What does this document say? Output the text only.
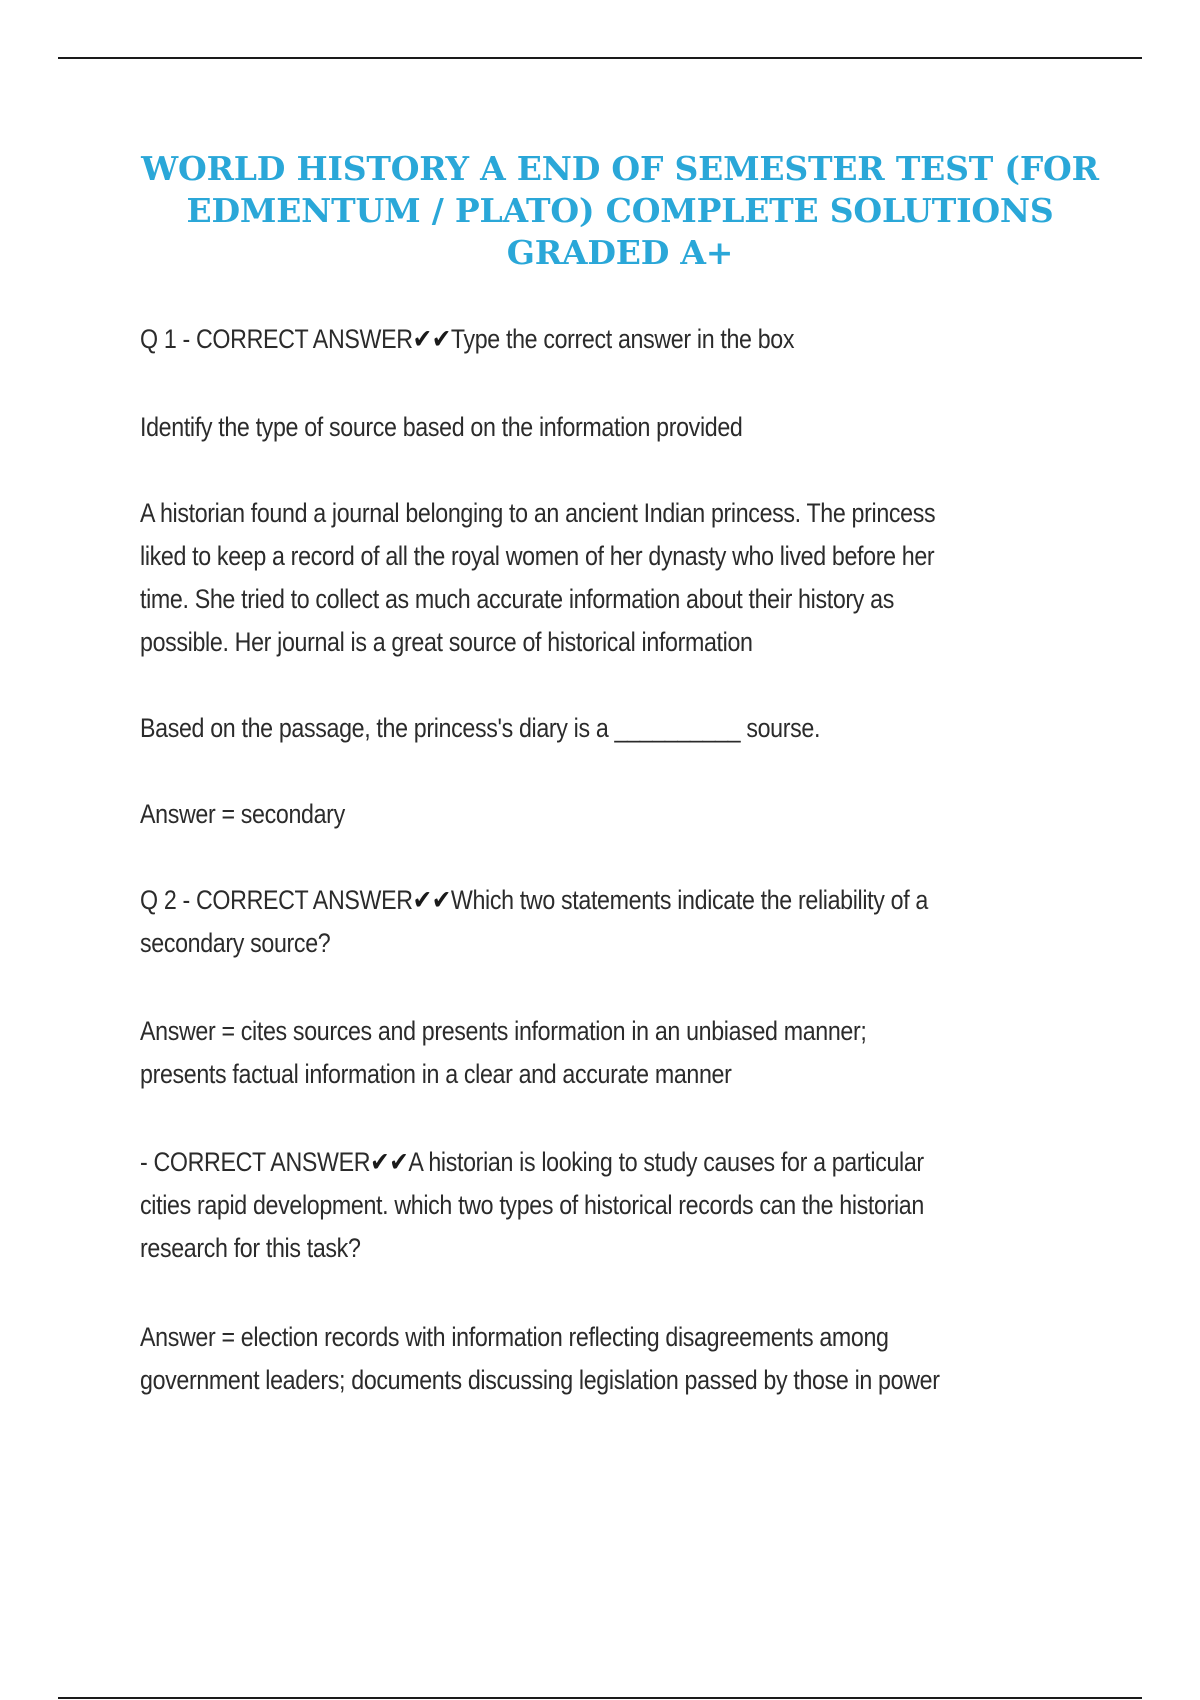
WORLD HISTORY A END OF SEMESTER TEST (FOR
EDMENTUM / PLATO) COMPLETE SOLUTIONS
GRADED A+

Q 1 - CORRECT ANSWER✔✔Type the correct answer in the box

Identify the type of source based on the information provided

A historian found a journal belonging to an ancient Indian princess. The princess
liked to keep a record of all the royal women of her dynasty who lived before her
time. She tried to collect as much accurate information about their history as
possible. Her journal is a great source of historical information

Based on the passage, the princess's diary is a __________ sourse.

Answer = secondary

Q 2 - CORRECT ANSWER✔✔Which two statements indicate the reliability of a
secondary source?

Answer = cites sources and presents information in an unbiased manner;
presents factual information in a clear and accurate manner

- CORRECT ANSWER✔✔A historian is looking to study causes for a particular
cities rapid development. which two types of historical records can the historian
research for this task?

Answer = election records with information reflecting disagreements among
government leaders; documents discussing legislation passed by those in power
